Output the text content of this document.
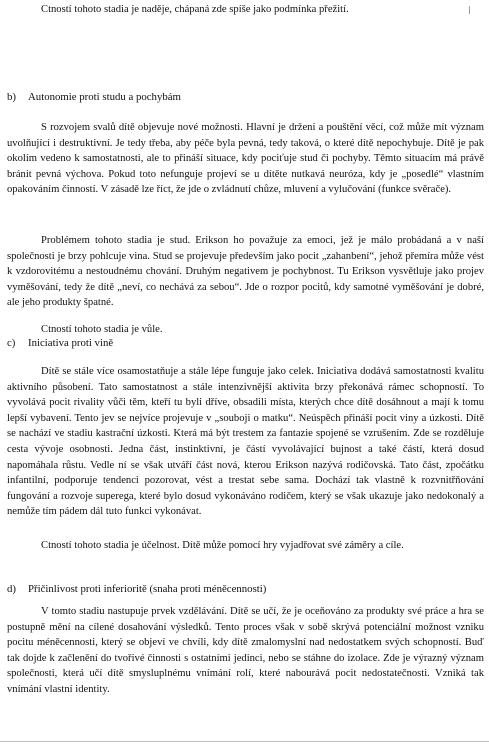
Ctností tohoto stadia je naděje, chápaná zde spíše jako podmínka přežití.

b) Autonomie proti studu a pochybám

S rozvojem svalů dítě objevuje nové možnosti. Hlavní je držení a pouštění věcí, což může mít význam uvolňující i destruktivní. Je tedy třeba, aby péče byla pevná, tedy taková, o které dítě nepochybuje. Dítě je pak okolím vedeno k samostatnosti, ale to přináší situace, kdy pociťuje stud či pochyby. Těmto situacím má právě bránit pevná výchova. Pokud toto nefunguje projeví se u dítěte nutkavá neuróza, kdy je „posedlé“ vlastním opakováním činností. V zásadě lze říct, že jde o zvládnutí chůze, mluvení a vylučování (funkce svěrače).

Problémem tohoto stadia je stud. Erikson ho považuje za emoci, jež je málo probádaná a v naší společnosti je brzy pohlcuje vina. Stud se projevuje především jako pocit „zahanbení“, jehož přemíra může vést k vzdorovitému a nestoudnému chování. Druhým negativem je pochybnost. Tu Erikson vysvětluje jako projev vyměšování, tedy že dítě „neví, co nechává za sebou“. Jde o rozpor pocitů, kdy samotné vyměšování je dobré, ale jeho produkty špatné.

Ctností tohoto stadia je vůle.

c) Iniciativa proti vině

Dítě se stále více osamostatňuje a stále lépe funguje jako celek. Iniciativa dodává samostatnosti kvalitu aktivního působení. Tato samostatnost a stále intenzivnější aktivita brzy překonává rámec schopností. To vyvolává pocit rivality vůči těm, kteří tu byli dříve, obsadili místa, kterých chce dítě dosáhnout a mají k tomu lepší vybavení. Tento jev se nejvíce projevuje v „souboji o matku“. Neúspěch přináší pocit viny a úzkosti. Dítě se nachází ve stadiu kastrační úzkosti. Která má být trestem za fantazie spojené se vzrušením. Zde se rozděluje cesta vývoje osobnosti. Jedna část, instinktivní, je částí vyvolávající bujnost a také částí, která dosud napomáhala růstu. Vedle ní se však utváří část nová, kterou Erikson nazývá rodičovská. Tato část, zpočátku infantilní, podporuje tendenci pozorovat, vést a trestat sebe sama. Dochází tak vlastně k rozvnitřňování fungování a rozvoje superega, které bylo dosud vykonáváno rodičem, který se však ukazuje jako nedokonalý a nemůže tím pádem dál tuto funkci vykonávat.

Ctností tohoto stadia je účelnost. Dítě může pomocí hry vyjadřovat své záměry a cíle.

d) Přičinlivost proti inferioritě (snaha proti méněcennosti)

V tomto stadiu nastupuje prvek vzdělávání. Dítě se učí, že je oceňováno za produkty své práce a hra se postupně mění na cílené dosahování výsledků. Tento proces však v sobě skrývá potenciální možnost vzniku pocitu méněcennosti, který se objeví ve chvíli, kdy dítě zmalomyslní nad nedostatkem svých schopností. Buď tak dojde k začlenění do tvořivé činnosti s ostatními jedinci, nebo se stáhne do izolace. Zde je výrazný význam společnosti, která učí dítě smysluplnému vnímání rolí, které nabourává pocit nedostatečnosti. Vzniká tak vnímání vlastní identity.
